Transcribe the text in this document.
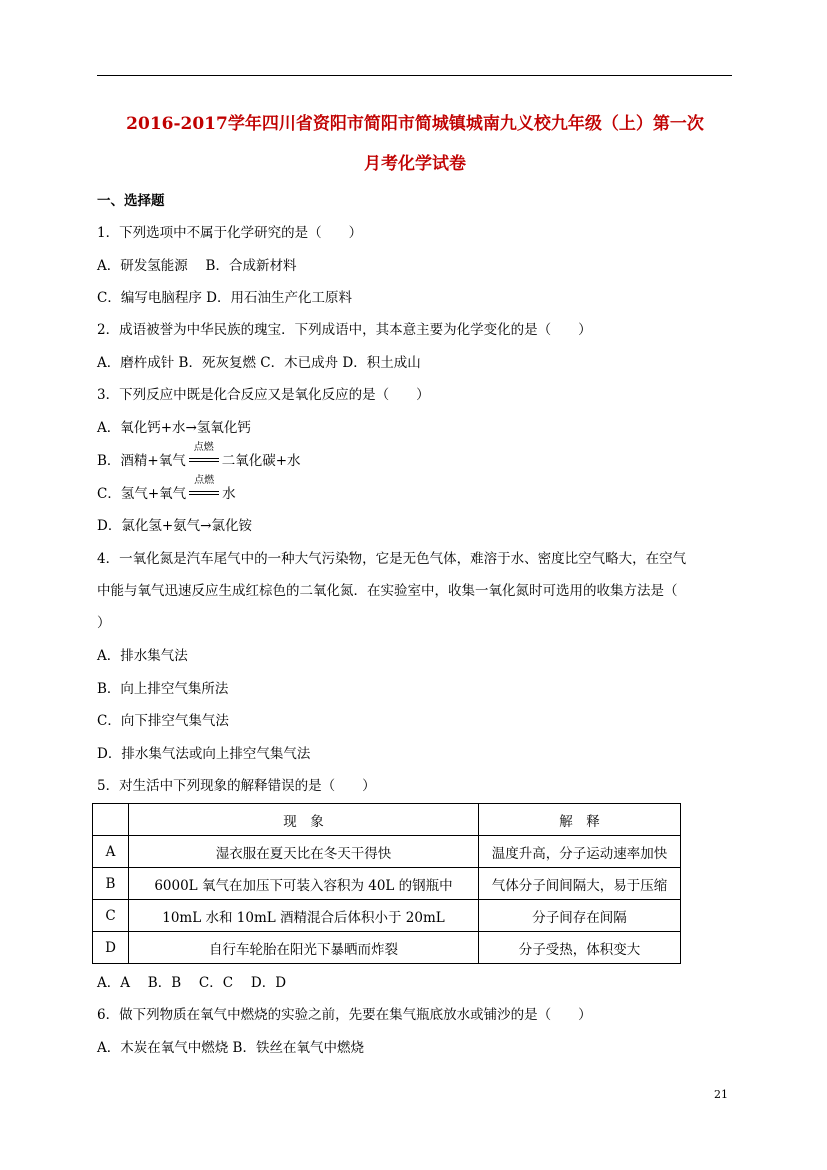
2016-2017学年四川省资阳市简阳市简城镇城南九义校九年级（上）第一次
月考化学试卷
一、选择题
1．下列选项中不属于化学研究的是（　　）
A．研发氢能源　 B．合成新材料
C．编写电脑程序 D．用石油生产化工原料
2．成语被誉为中华民族的瑰宝．下列成语中，其本意主要为化学变化的是（　　）
A．磨杵成针 B．死灰复燃 C．木已成舟 D．积土成山
3．下列反应中既是化合反应又是氧化反应的是（　　）
A．氧化钙+水→氢氧化钙
B．酒精+氧气
点燃
二氧化碳+水
C．氢气+氧气
点燃
水
D．氯化氢+氨气→氯化铵
4．一氧化氮是汽车尾气中的一种大气污染物，它是无色气体，难溶于水、密度比空气略大，在空气
中能与氧气迅速反应生成红棕色的二氧化氮．在实验室中，收集一氧化氮时可选用的收集方法是（
）
A．排水集气法
B．向上排空气集所法
C．向下排空气集气法
D．排水集气法或向上排空气集气法
5．对生活中下列现象的解释错误的是（　　）
	现　象	解　释
A	湿衣服在夏天比在冬天干得快	温度升高，分子运动速率加快
B	6000L 氧气在加压下可装入容积为 40L 的钢瓶中	气体分子间间隔大，易于压缩
C	10mL 水和 10mL 酒精混合后体积小于 20mL	分子间存在间隔
D	自行车轮胎在阳光下暴晒而炸裂	分子受热，体积变大
A．A　 B．B　 C．C　 D．D
6．做下列物质在氧气中燃烧的实验之前，先要在集气瓶底放水或铺沙的是（　　）
A．木炭在氧气中燃烧 B．铁丝在氧气中燃烧
21
